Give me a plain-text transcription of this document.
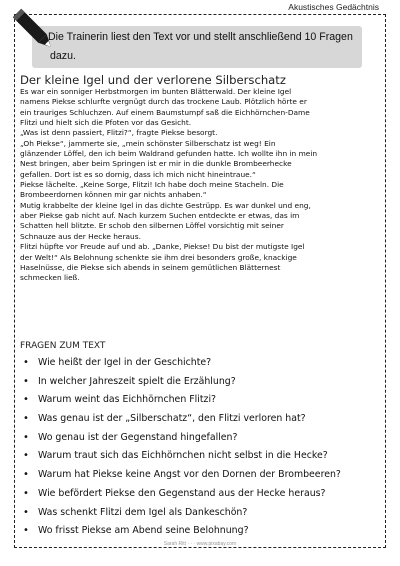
Akustisches Gedächtnis
Die Trainerin liest den Text vor und stellt anschließend 10 Fragen
dazu.
Der kleine Igel und der verlorene Silberschatz
Es war ein sonniger Herbstmorgen im bunten Blätterwald. Der kleine Igel
namens Piekse schlurfte vergnügt durch das trockene Laub. Plötzlich hörte er
ein trauriges Schluchzen. Auf einem Baumstumpf saß die Eichhörnchen-Dame
Flitzi und hielt sich die Pfoten vor das Gesicht.
„Was ist denn passiert, Flitzi?“, fragte Piekse besorgt.
„Oh Piekse“, jammerte sie, „mein schönster Silberschatz ist weg! Ein
glänzender Löffel, den ich beim Waldrand gefunden hatte. Ich wollte ihn in mein
Nest bringen, aber beim Springen ist er mir in die dunkle Brombeerhecke
gefallen. Dort ist es so dornig, dass ich mich nicht hineintraue.“
Piekse lächelte. „Keine Sorge, Flitzi! Ich habe doch meine Stacheln. Die
Brombeerdornen können mir gar nichts anhaben.“
Mutig krabbelte der kleine Igel in das dichte Gestrüpp. Es war dunkel und eng,
aber Piekse gab nicht auf. Nach kurzem Suchen entdeckte er etwas, das im
Schatten hell blitzte. Er schob den silbernen Löffel vorsichtig mit seiner
Schnauze aus der Hecke heraus.
Flitzi hüpfte vor Freude auf und ab. „Danke, Piekse! Du bist der mutigste Igel
der Welt!“ Als Belohnung schenkte sie ihm drei besonders große, knackige
Haselnüsse, die Piekse sich abends in seinem gemütlichen Blätternest
schmecken ließ.
FRAGEN ZUM TEXT
• Wie heißt der Igel in der Geschichte?
• In welcher Jahreszeit spielt die Erzählung?
• Warum weint das Eichhörnchen Flitzi?
• Was genau ist der „Silberschatz“, den Flitzi verloren hat?
• Wo genau ist der Gegenstand hingefallen?
• Warum traut sich das Eichhörnchen nicht selbst in die Hecke?
• Warum hat Piekse keine Angst vor den Dornen der Brombeeren?
• Wie befördert Piekse den Gegenstand aus der Hecke heraus?
• Was schenkt Flitzi dem Igel als Dankeschön?
• Wo frisst Piekse am Abend seine Belohnung?
Sarah Ritt · · · www.pixabay.com
